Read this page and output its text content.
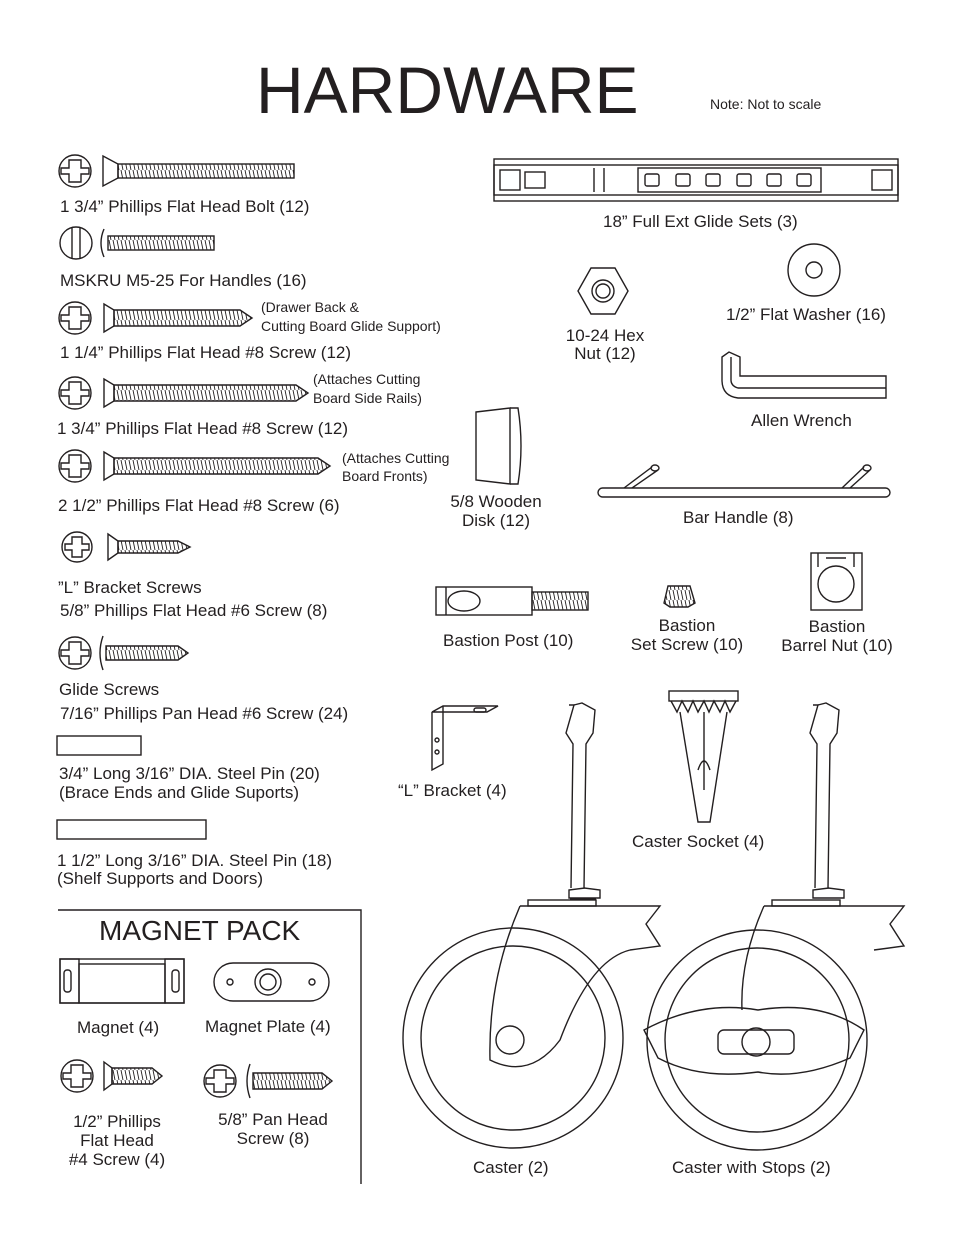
HARDWARE	Note: Not to scale
1 3/4” Phillips Flat Head Bolt (12)
MSKRU M5-25 For Handles (16)
(Drawer Back &
Cutting Board Glide Support)
1 1/4” Phillips Flat Head #8 Screw (12)
(Attaches Cutting
Board Side Rails)
1 3/4” Phillips Flat Head #8 Screw (12)
(Attaches Cutting
Board Fronts)
2 1/2” Phillips Flat Head #8 Screw (6)
”L” Bracket Screws
5/8” Phillips Flat Head #6 Screw (8)
Glide Screws
7/16” Phillips Pan Head #6 Screw (24)
3/4” Long 3/16” DIA. Steel Pin (20)
(Brace Ends and Glide Suports)
1 1/2” Long 3/16” DIA. Steel Pin (18)
(Shelf Supports and Doors)
MAGNET PACK
Magnet (4)	Magnet Plate (4)
1/2” Phillips
Flat Head
#4 Screw (4)
5/8” Pan Head
Screw (8)
18” Full Ext Glide Sets (3)
10-24 Hex
Nut (12)
1/2” Flat Washer (16)
Allen Wrench
5/8 Wooden
Disk (12)	Bar Handle (8)
Bastion Post (10)
Bastion
Set Screw (10)
Bastion
Barrel Nut (10)
“L” Bracket (4)
Caster Socket (4)
Caster (2)	Caster with Stops (2)
